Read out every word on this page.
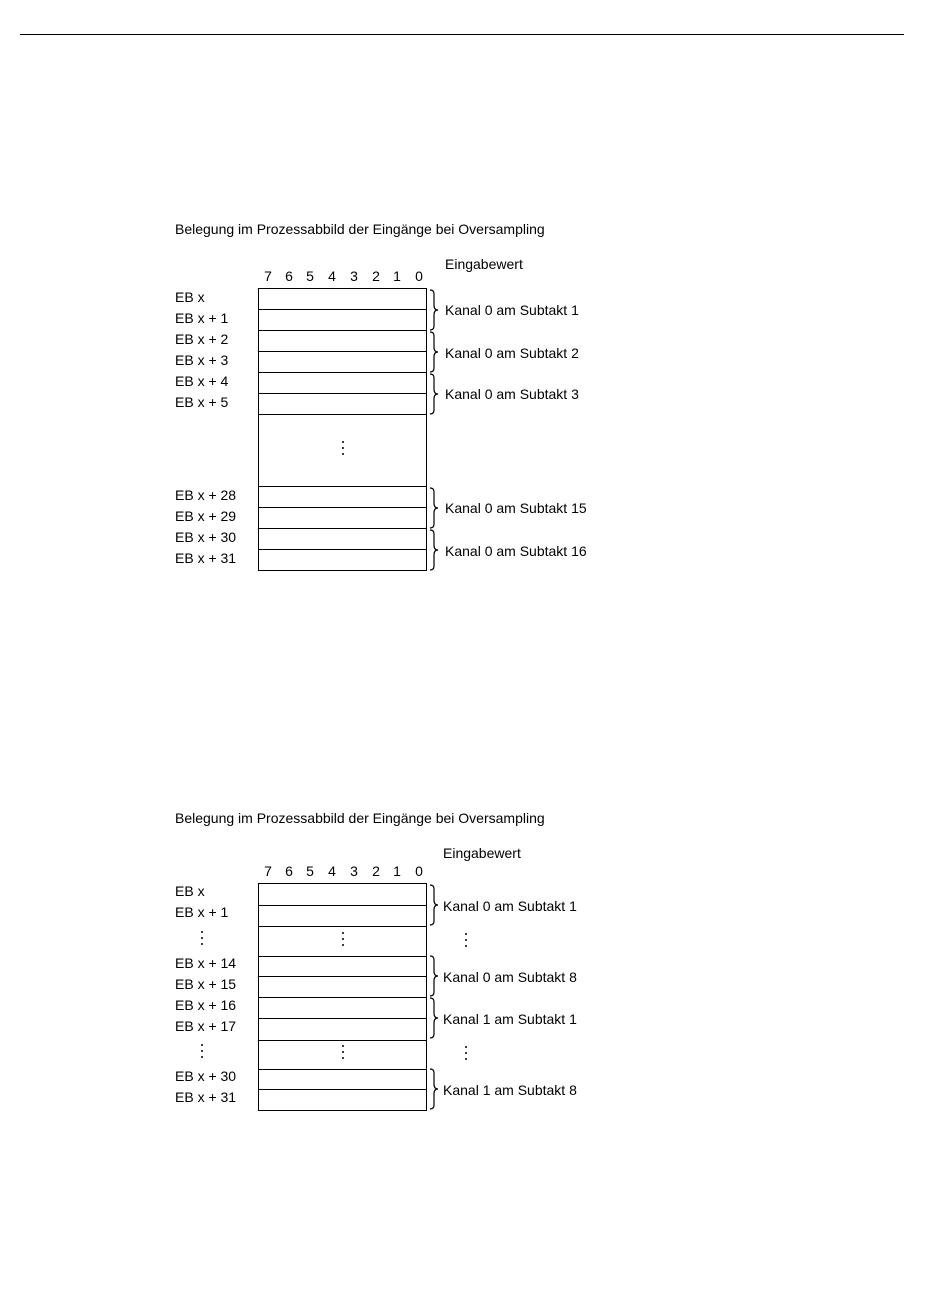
Belegung im Prozessabbild der Eingänge bei Oversampling
Eingabewert
7 6 5 4 3 2 1 0
EB x
EB x + 1
EB x + 2
EB x + 3
EB x + 4
EB x + 5
EB x + 28
EB x + 29
EB x + 30
EB x + 31
Kanal 0 am Subtakt 1
Kanal 0 am Subtakt 2
Kanal 0 am Subtakt 3
Kanal 0 am Subtakt 15
Kanal 0 am Subtakt 16
Belegung im Prozessabbild der Eingänge bei Oversampling
Eingabewert
7 6 5 4 3 2 1 0
EB x
EB x + 1
EB x + 14
EB x + 15
EB x + 16
EB x + 17
EB x + 30
EB x + 31
Kanal 0 am Subtakt 1
Kanal 0 am Subtakt 8
Kanal 1 am Subtakt 1
Kanal 1 am Subtakt 8
